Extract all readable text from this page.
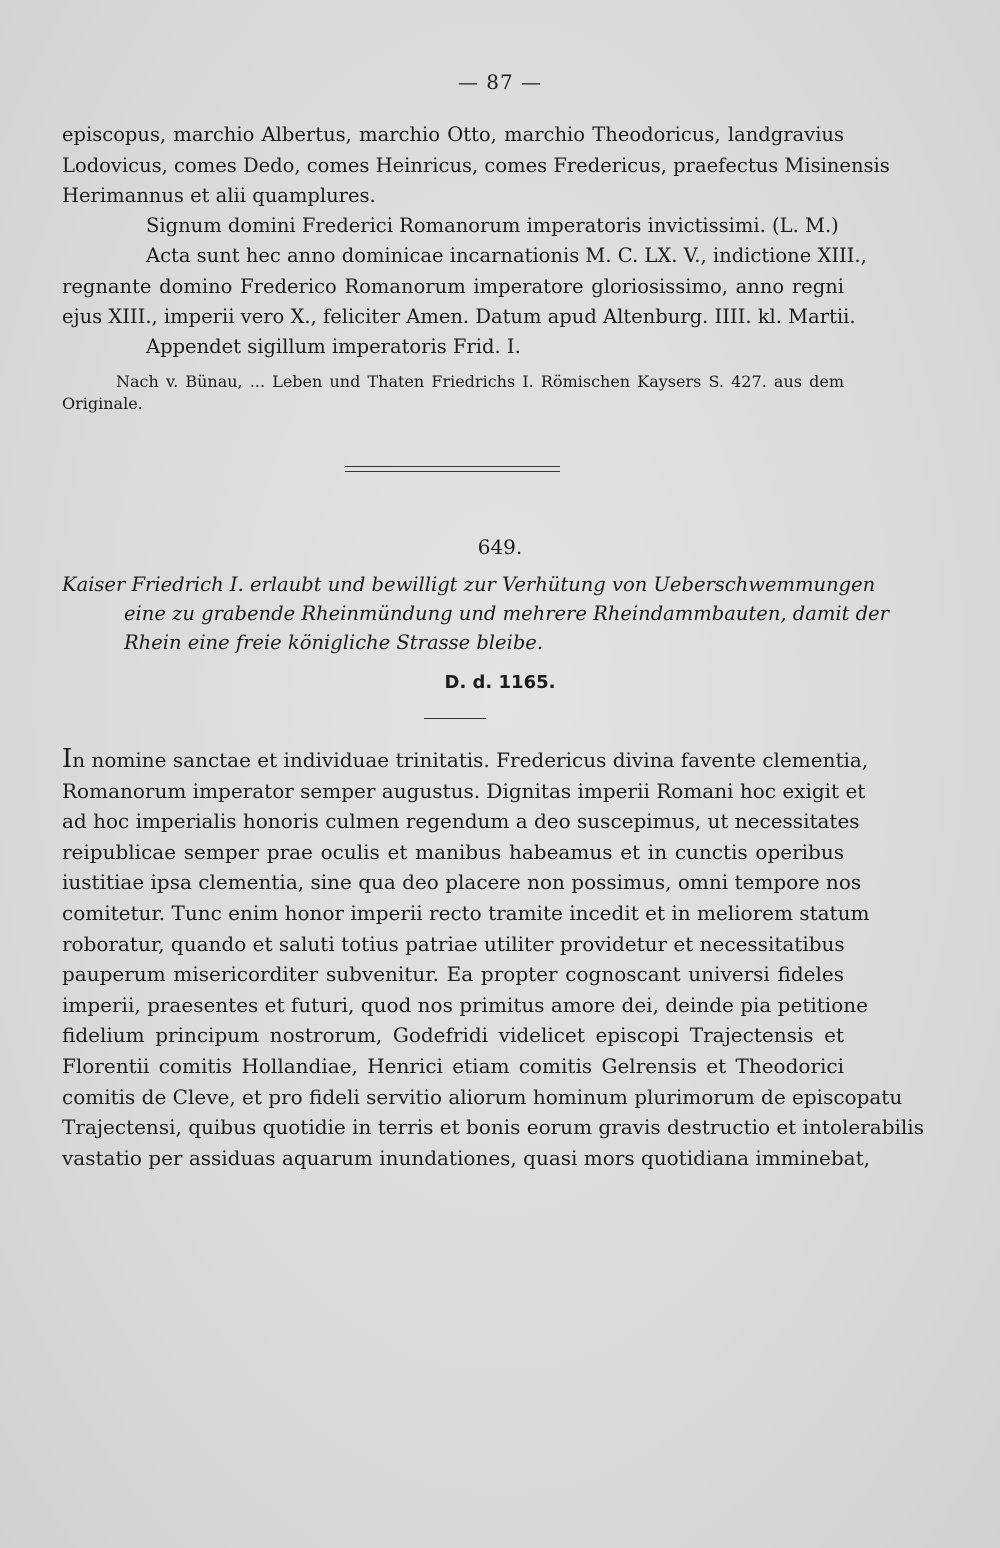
— 87 —
episcopus, marchio Albertus, marchio Otto, marchio Theodoricus, landgravius
Lodovicus, comes Dedo, comes Heinricus, comes Fredericus, praefectus Misinensis
Herimannus et alii quamplures.
Signum domini Frederici Romanorum imperatoris invictissimi. (L. M.)
Acta sunt hec anno dominicae incarnationis M. C. LX. V., indictione XIII.,
regnante domino Frederico Romanorum imperatore gloriosissimo, anno regni
ejus XIII., imperii vero X., feliciter Amen. Datum apud Altenburg. IIII. kl. Martii.
Appendet sigillum imperatoris Frid. I.
Nach v. Bünau, ... Leben und Thaten Friedrichs I. Römischen Kaysers S. 427. aus dem
Originale.
649.
Kaiser Friedrich I. erlaubt und bewilligt zur Verhütung von Ueberschwemmungen
eine zu grabende Rheinmündung und mehrere Rheindammbauten, damit der
Rhein eine freie königliche Strasse bleibe.
D. d. 1165.
In nomine sanctae et individuae trinitatis. Fredericus divina favente clementia,
Romanorum imperator semper augustus. Dignitas imperii Romani hoc exigit et
ad hoc imperialis honoris culmen regendum a deo suscepimus, ut necessitates
reipublicae semper prae oculis et manibus habeamus et in cunctis operibus
iustitiae ipsa clementia, sine qua deo placere non possimus, omni tempore nos
comitetur. Tunc enim honor imperii recto tramite incedit et in meliorem statum
roboratur, quando et saluti totius patriae utiliter providetur et necessitatibus
pauperum misericorditer subvenitur. Ea propter cognoscant universi fideles
imperii, praesentes et futuri, quod nos primitus amore dei, deinde pia petitione
fidelium principum nostrorum, Godefridi videlicet episcopi Trajectensis et
Florentii comitis Hollandiae, Henrici etiam comitis Gelrensis et Theodorici
comitis de Cleve, et pro fideli servitio aliorum hominum plurimorum de episcopatu
Trajectensi, quibus quotidie in terris et bonis eorum gravis destructio et intolerabilis
vastatio per assiduas aquarum inundationes, quasi mors quotidiana imminebat,
